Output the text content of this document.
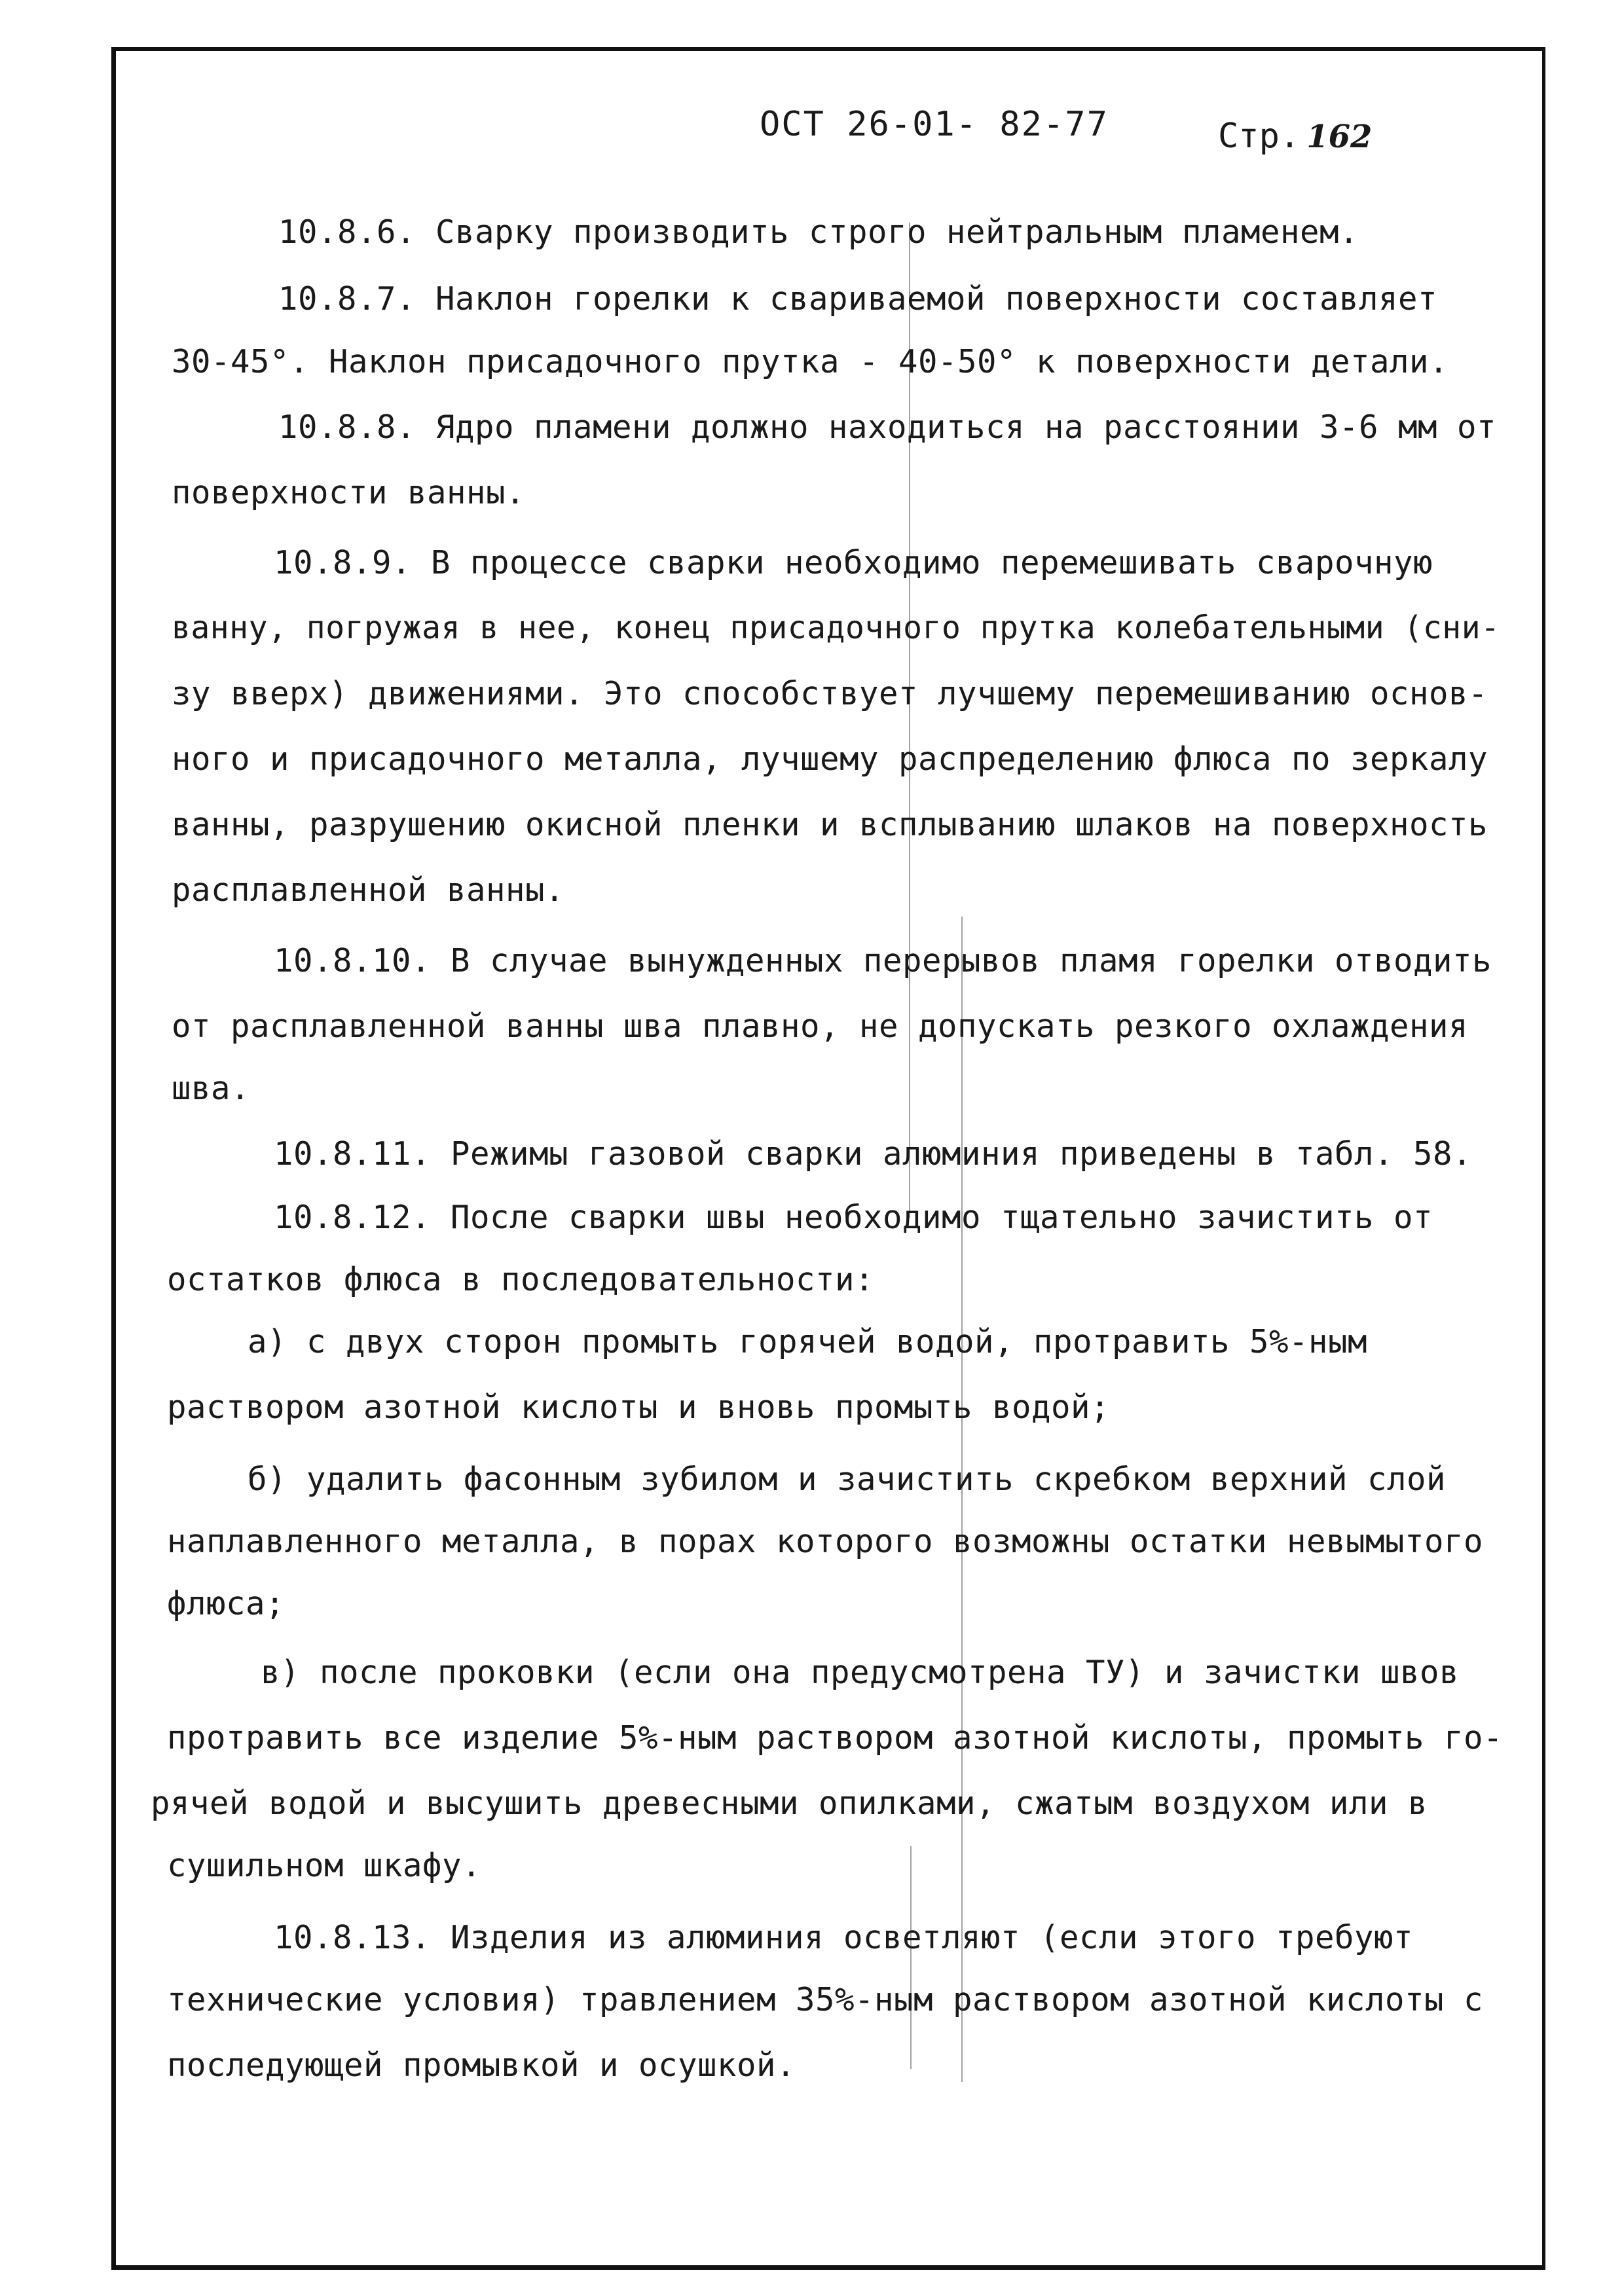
ОСТ 26-01- 82-77	Стр. 162
10.8.6. Сварку производить строго нейтральным пламенем.
10.8.7. Наклон горелки к свариваемой поверхности составляет
30-45°. Наклон присадочного прутка - 40-50° к поверхности детали.
10.8.8. Ядро пламени должно находиться на расстоянии 3-6 мм от
поверхности ванны.
10.8.9. В процессе сварки необходимо перемешивать сварочную
ванну, погружая в нее, конец присадочного прутка колебательными (сни-
зу вверх) движениями. Это способствует лучшему перемешиванию основ-
ного и присадочного металла, лучшему распределению флюса по зеркалу
ванны, разрушению окисной пленки и всплыванию шлаков на поверхность
расплавленной ванны.
10.8.10. В случае вынужденных перерывов пламя горелки отводить
от расплавленной ванны шва плавно, не допускать резкого охлаждения
шва.
10.8.11. Режимы газовой сварки алюминия приведены в табл. 58.
10.8.12. После сварки швы необходимо тщательно зачистить от
остатков флюса в последовательности:
а) с двух сторон промыть горячей водой, протравить 5%-ным
раствором азотной кислоты и вновь промыть водой;
б) удалить фасонным зубилом и зачистить скребком верхний слой
наплавленного металла, в порах которого возможны остатки невымытого
флюса;
в) после проковки (если она предусмотрена ТУ) и зачистки швов
протравить все изделие 5%-ным раствором азотной кислоты, промыть го-
рячей водой и высушить древесными опилками, сжатым воздухом или в
сушильном шкафу.
10.8.13. Изделия из алюминия осветляют (если этого требуют
технические условия) травлением 35%-ным раствором азотной кислоты с
последующей промывкой и осушкой.
